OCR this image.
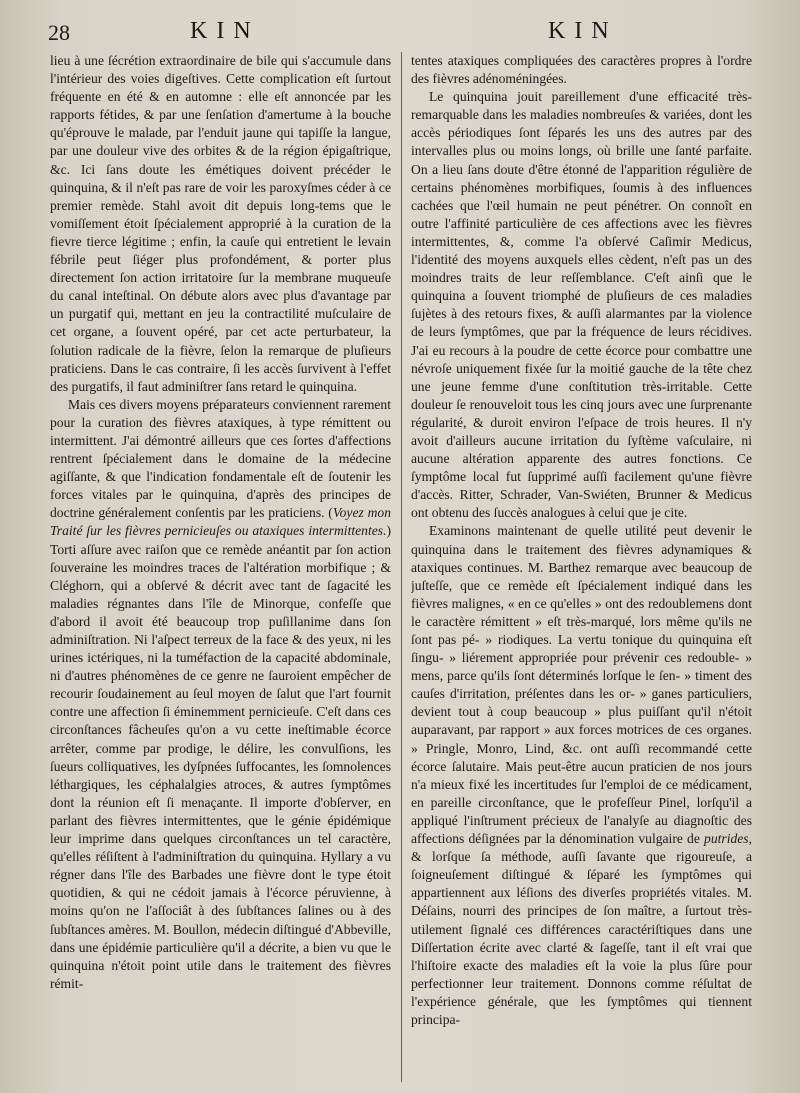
28	KIN	KIN

lieu à une ſécrétion extraordinaire de bile qui s'accumule dans l'intérieur des voies digeſtives. Cette complication eſt ſurtout fréquente en été & en automne : elle eſt annoncée par les rapports fétides, & par une ſenſation d'amertume à la bouche qu'éprouve le malade, par l'enduit jaune qui tapiſſe la langue, par une douleur vive des orbites & de la région épigaſtrique, &c. Ici ſans doute les émétiques doivent précéder le quinquina, & il n'eſt pas rare de voir les paroxyſmes céder à ce premier remède. Stahl avoit dit depuis long-tems que le vomiſſement étoit ſpécialement approprié à la curation de la fievre tierce légitime ; enfin, la cauſe qui entretient le levain fébrile peut ſiéger plus profondément, & porter plus directement ſon action irritatoire ſur la membrane muqueuſe du canal inteſtinal. On débute alors avec plus d'avantage par un purgatif qui, mettant en jeu la contractilité muſculaire de cet organe, a ſouvent opéré, par cet acte perturbateur, la ſolution radicale de la fièvre, ſelon la remarque de pluſieurs praticiens. Dans le cas contraire, ſi les accès ſurvivent à l'effet des purgatifs, il faut adminiſtrer ſans retard le quinquina.

Mais ces divers moyens préparateurs conviennent rarement pour la curation des fièvres ataxiques, à type rémittent ou intermittent. J'ai démontré ailleurs que ces ſortes d'affections rentrent ſpécialement dans le domaine de la médecine agiſſante, & que l'indication fondamentale eſt de ſoutenir les forces vitales par le quinquina, d'après des principes de doctrine généralement conſentis par les praticiens. (Voyez mon Traité ſur les fièvres pernicieuſes ou ataxiques intermittentes.) Torti aſſure avec raiſon que ce remède anéantit par ſon action ſouveraine les moindres traces de l'altération morbifique ; & Cléghorn, qui a obſervé & décrit avec tant de ſagacité les maladies régnantes dans l'île de Minorque, confeſſe que d'abord il avoit été beaucoup trop puſillanime dans ſon adminiſtration. Ni l'aſpect terreux de la face & des yeux, ni les urines ictériques, ni la tuméfaction de la capacité abdominale, ni d'autres phénomènes de ce genre ne ſauroient empêcher de recourir ſoudainement au ſeul moyen de ſalut que l'art fournit contre une affection ſi éminemment pernicieuſe. C'eſt dans ces circonſtances fâcheuſes qu'on a vu cette ineſtimable écorce arrêter, comme par prodige, le délire, les convulſions, les ſueurs colliquatives, les dyſpnées ſuffocantes, les ſomnolences léthargiques, les céphalalgies atroces, & autres ſymptômes dont la réunion eſt ſi menaçante. Il importe d'obſerver, en parlant des fièvres intermittentes, que le génie épidémique leur imprime dans quelques circonſtances un tel caractère, qu'elles réſiſtent à l'adminiſtration du quinquina. Hyllary a vu régner dans l'île des Barbades une fièvre dont le type étoit quotidien, & qui ne cédoit jamais à l'écorce péruvienne, à moins qu'on ne l'aſſociât à des ſubſtances ſalines ou à des ſubſtances amères. M. Boullon, médecin diſtingué d'Abbeville, dans une épidémie particulière qu'il a décrite, a bien vu que le quinquina n'étoit point utile dans le traitement des fièvres rémit-

tentes ataxiques compliquées des caractères propres à l'ordre des fièvres adénoméningées.

Le quinquina jouit pareillement d'une efficacité très-remarquable dans les maladies nombreuſes & variées, dont les accès périodiques ſont ſéparés les uns des autres par des intervalles plus ou moins longs, où brille une ſanté parfaite. On a lieu ſans doute d'être étonné de l'apparition régulière de certains phénomènes morbifiques, ſoumis à des influences cachées que l'œil humain ne peut pénétrer. On connoît en outre l'affinité particulière de ces affections avec les fièvres intermittentes, &, comme l'a obſervé Caſimir Medicus, l'identité des moyens auxquels elles cèdent, n'eſt pas un des moindres traits de leur reſſemblance. C'eſt ainſi que le quinquina a ſouvent triomphé de pluſieurs de ces maladies ſujètes à des retours fixes, & auſſi alarmantes par la violence de leurs ſymptômes, que par la fréquence de leurs récidives. J'ai eu recours à la poudre de cette écorce pour combattre une névroſe uniquement fixée ſur la moitié gauche de la tête chez une jeune femme d'une conſtitution très-irritable. Cette douleur ſe renouveloit tous les cinq jours avec une ſurprenante régularité, & duroit environ l'eſpace de trois heures. Il n'y avoit d'ailleurs aucune irritation du ſyſtème vaſculaire, ni aucune altération apparente des autres fonctions. Ce ſymptôme local fut ſupprimé auſſi facilement qu'une fièvre d'accès. Ritter, Schrader, Van-Swiéten, Brunner & Medicus ont obtenu des ſuccès analogues à celui que je cite.

Examinons maintenant de quelle utilité peut devenir le quinquina dans le traitement des fièvres adynamiques & ataxiques continues. M. Barthez remarque avec beaucoup de juſteſſe, que ce remède eſt ſpécialement indiqué dans les fièvres malignes, « en ce qu'elles » ont des redoublemens dont le caractère rémittent » eſt très-marqué, lors même qu'ils ne ſont pas pé- » riodiques. La vertu tonique du quinquina eſt ſingu- » liérement appropriée pour prévenir ces redouble- » mens, parce qu'ils ſont déterminés lorſque le ſen- » timent des cauſes d'irritation, préſentes dans les or- » ganes particuliers, devient tout à coup beaucoup » plus puiſſant qu'il n'étoit auparavant, par rapport » aux forces motrices de ces organes. » Pringle, Monro, Lind, &c. ont auſſi recommandé cette écorce ſalutaire. Mais peut-être aucun praticien de nos jours n'a mieux fixé les incertitudes ſur l'emploi de ce médicament, en pareille circonſtance, que le profeſſeur Pinel, lorſqu'il a appliqué l'inſtrument précieux de l'analyſe au diagnoſtic des affections déſignées par la dénomination vulgaire de putrides, & lorſque ſa méthode, auſſi ſavante que rigoureuſe, a ſoigneuſement diſtingué & ſéparé les ſymptômes qui appartiennent aux léſions des diverſes propriétés vitales. M. Déſains, nourri des principes de ſon maître, a ſurtout très-utilement ſignalé ces différences caractériſtiques dans une Diſſertation écrite avec clarté & ſageſſe, tant il eſt vrai que l'hiſtoire exacte des maladies eſt la voie la plus ſûre pour perfectionner leur traitement. Donnons comme réſultat de l'expérience générale, que les ſymptômes qui tiennent principa-
